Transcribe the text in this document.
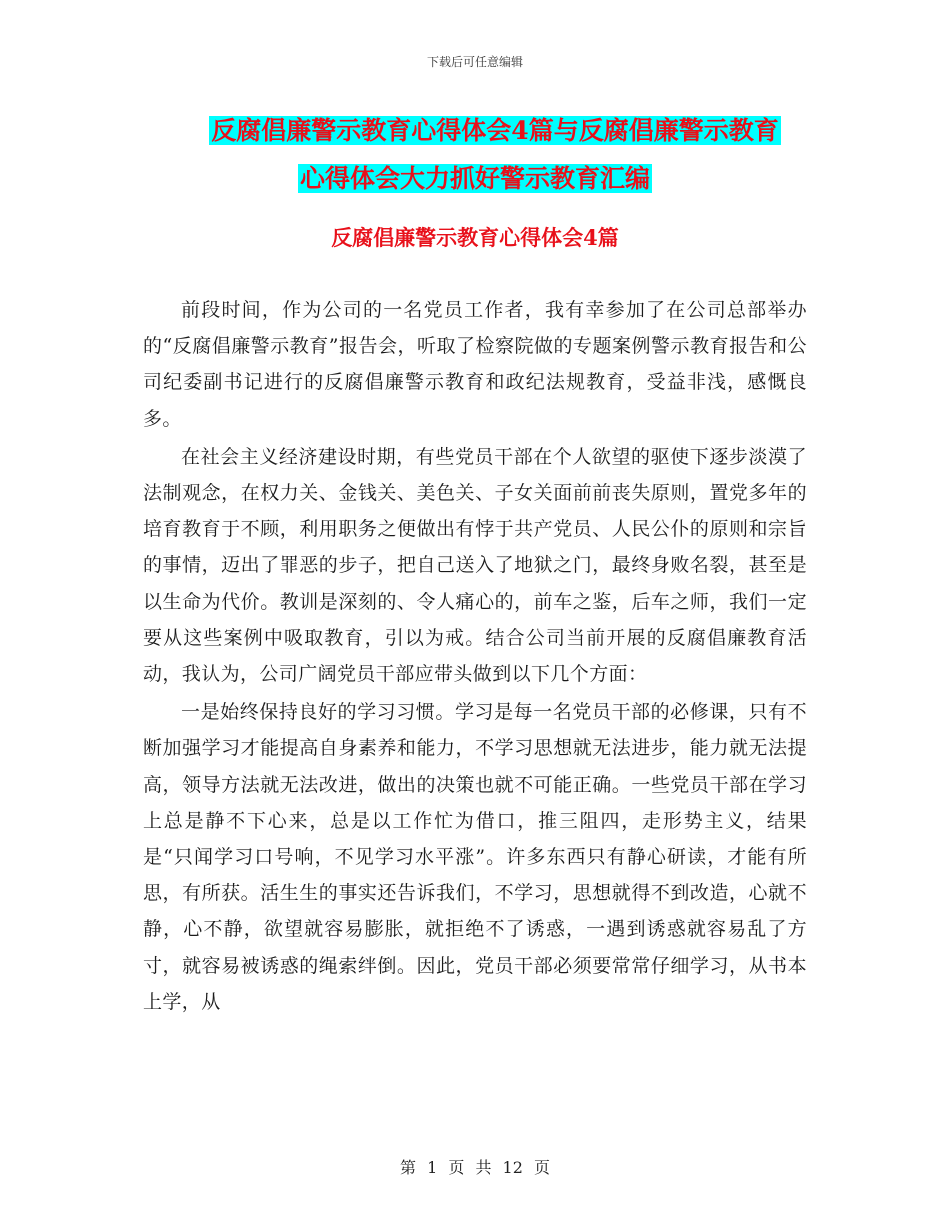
下载后可任意编辑
反腐倡廉警示教育心得体会4篇与反腐倡廉警示教育
心得体会大力抓好警示教育汇编
反腐倡廉警示教育心得体会4篇

前段时间，作为公司的一名党员工作者，我有幸参加了在公司总部举办的“反腐倡廉警示教育”报告会，听取了检察院做的专题案例警示教育报告和公司纪委副书记进行的反腐倡廉警示教育和政纪法规教育，受益非浅，感慨良多。

在社会主义经济建设时期，有些党员干部在个人欲望的驱使下逐步淡漠了法制观念，在权力关、金钱关、美色关、子女关面前前丧失原则，置党多年的培育教育于不顾，利用职务之便做出有悖于共产党员、人民公仆的原则和宗旨的事情，迈出了罪恶的步子，把自己送入了地狱之门，最终身败名裂，甚至是以生命为代价。教训是深刻的、令人痛心的，前车之鉴，后车之师，我们一定要从这些案例中吸取教育，引以为戒。结合公司当前开展的反腐倡廉教育活动，我认为，公司广阔党员干部应带头做到以下几个方面：

一是始终保持良好的学习习惯。学习是每一名党员干部的必修课，只有不断加强学习才能提高自身素养和能力，不学习思想就无法进步，能力就无法提高，领导方法就无法改进，做出的决策也就不可能正确。一些党员干部在学习上总是静不下心来，总是以工作忙为借口，推三阻四，走形势主义，结果是“只闻学习口号响，不见学习水平涨”。许多东西只有静心研读，才能有所思，有所获。活生生的事实还告诉我们，不学习，思想就得不到改造，心就不静，心不静，欲望就容易膨胀，就拒绝不了诱惑，一遇到诱惑就容易乱了方寸，就容易被诱惑的绳索绊倒。因此，党员干部必须要常常仔细学习，从书本上学，从

第 1 页 共 12 页
